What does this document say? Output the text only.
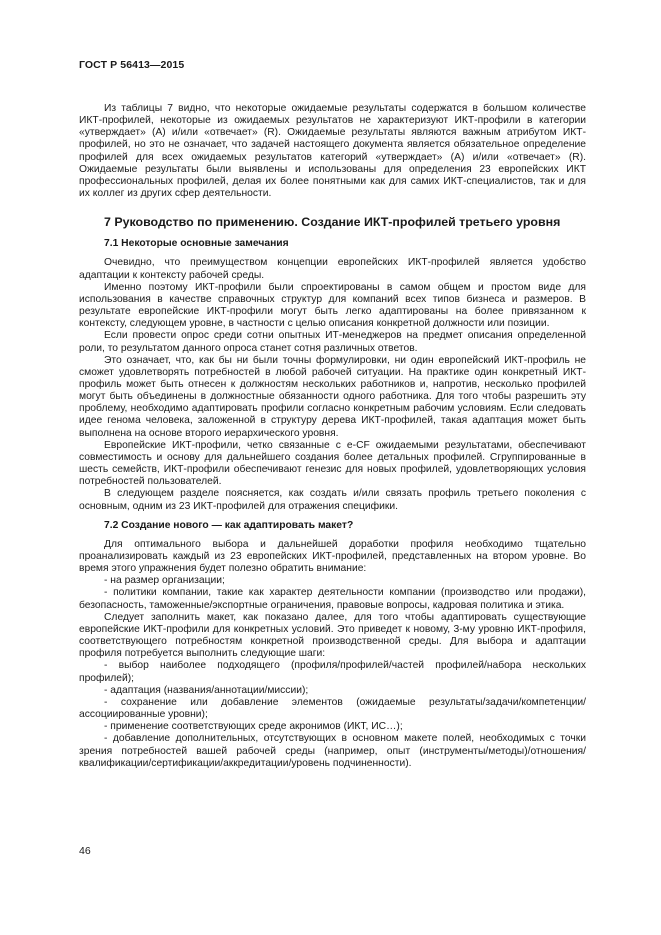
ГОСТ Р 56413—2015

Из таблицы 7 видно, что некоторые ожидаемые результаты содержатся в большом количестве ИКТ-профилей, некоторые из ожидаемых результатов не характеризуют ИКТ-профили в категории «утверждает» (А) и/или «отвечает» (R). Ожидаемые результаты являются важным атрибутом ИКТ-профилей, но это не означает, что задачей настоящего документа является обязательное определение профилей для всех ожидаемых результатов категорий «утверждает» (А) и/или «отвечает» (R). Ожидаемые результаты были выявлены и использованы для определения 23 европейских ИКТ профессиональных профилей, делая их более понятными как для самих ИКТ-специалистов, так и для их коллег из других сфер деятельности.

7 Руководство по применению. Создание ИКТ-профилей третьего уровня

7.1 Некоторые основные замечания

Очевидно, что преимуществом концепции европейских ИКТ-профилей является удобство адаптации к контексту рабочей среды.

Именно поэтому ИКТ-профили были спроектированы в самом общем и простом виде для использования в качестве справочных структур для компаний всех типов бизнеса и размеров. В результате европейские ИКТ-профили могут быть легко адаптированы на более привязанном к контексту, следующем уровне, в частности с целью описания конкретной должности или позиции.

Если провести опрос среди сотни опытных ИТ-менеджеров на предмет описания определенной роли, то результатом данного опроса станет сотня различных ответов.

Это означает, что, как бы ни были точны формулировки, ни один европейский ИКТ-профиль не сможет удовлетворять потребностей в любой рабочей ситуации. На практике один конкретный ИКТ-профиль может быть отнесен к должностям нескольких работников и, напротив, несколько профилей могут быть объединены в должностные обязанности одного работника. Для того чтобы разрешить эту проблему, необходимо адаптировать профили согласно конкретным рабочим условиям. Если следовать идее генома человека, заложенной в структуру дерева ИКТ-профилей, такая адаптация может быть выполнена на основе второго иерархического уровня.

Европейские ИКТ-профили, четко связанные с e-CF ожидаемыми результатами, обеспечивают совместимость и основу для дальнейшего создания более детальных профилей. Сгруппированные в шесть семейств, ИКТ-профили обеспечивают генезис для новых профилей, удовлетворяющих условия потребностей пользователей.

В следующем разделе поясняется, как создать и/или связать профиль третьего поколения с основным, одним из 23 ИКТ-профилей для отражения специфики.

7.2 Создание нового — как адаптировать макет?

Для оптимального выбора и дальнейшей доработки профиля необходимо тщательно проанализировать каждый из 23 европейских ИКТ-профилей, представленных на втором уровне. Во время этого упражнения будет полезно обратить внимание:

- на размер организации;

- политики компании, такие как характер деятельности компании (производство или продажи), безопасность, таможенные/экспортные ограничения, правовые вопросы, кадровая политика и этика.

Следует заполнить макет, как показано далее, для того чтобы адаптировать существующие европейские ИКТ-профили для конкретных условий. Это приведет к новому, 3-му уровню ИКТ-профиля, соответствующего потребностям конкретной производственной среды. Для выбора и адаптации профиля потребуется выполнить следующие шаги:

- выбор наиболее подходящего (профиля/профилей/частей профилей/набора нескольких профилей);

- адаптация (названия/аннотации/миссии);

- сохранение или добавление элементов (ожидаемые результаты/задачи/компетенции/ассоциированные уровни);

- применение соответствующих среде акронимов (ИКТ, ИС…);

- добавление дополнительных, отсутствующих в основном макете полей, необходимых с точки зрения потребностей вашей рабочей среды (например, опыт (инструменты/методы)/отношения/квалификации/сертификации/аккредитации/уровень подчиненности).

46
